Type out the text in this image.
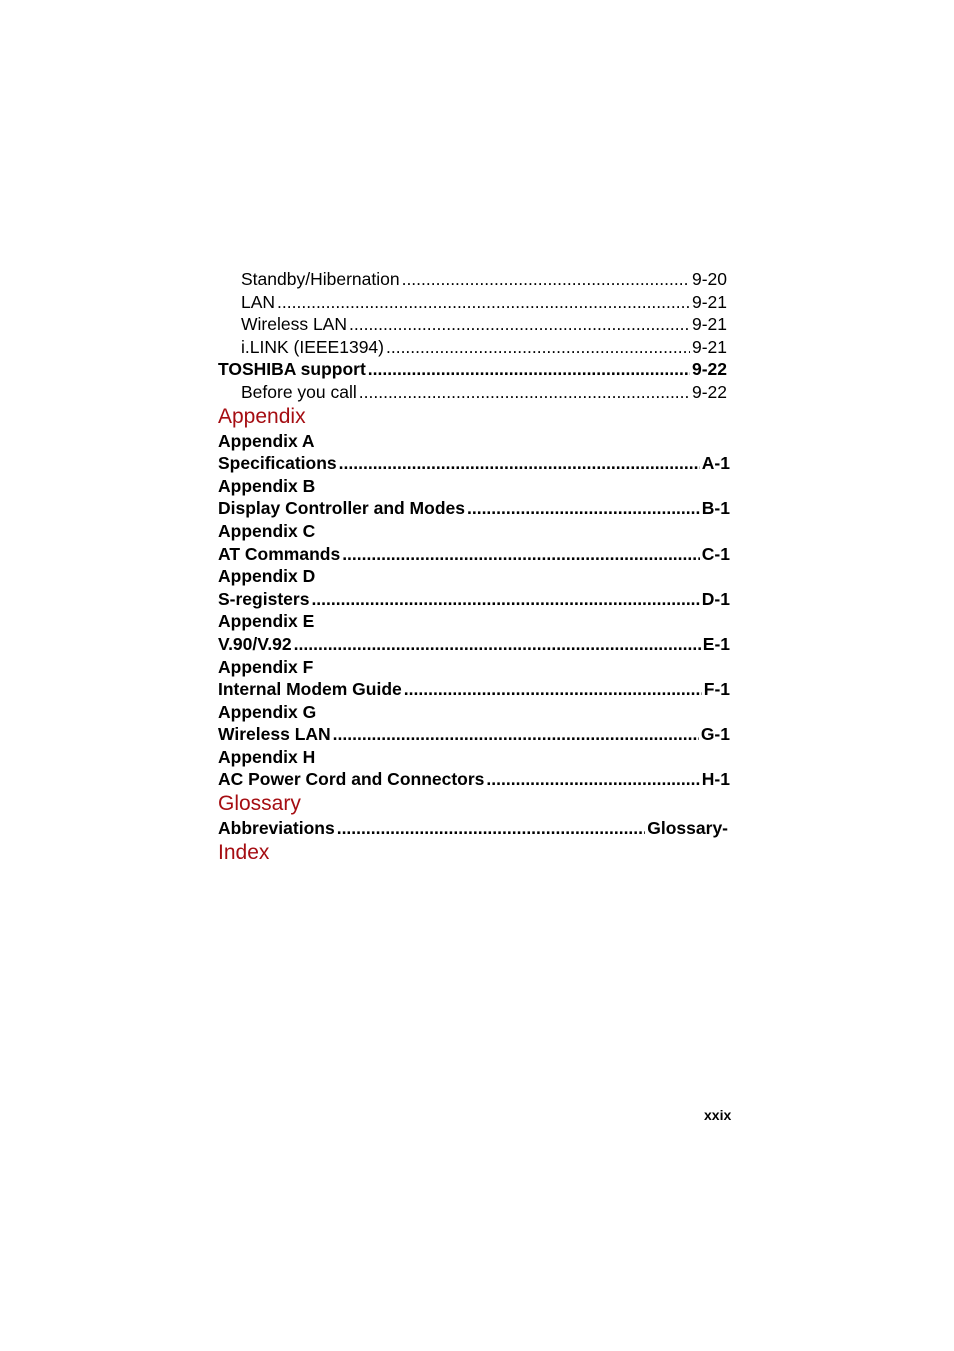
Standby/Hibernation .....	9-20
LAN .....	9-21
Wireless LAN .....	9-21
i.LINK (IEEE1394) .....	9-21
TOSHIBA support .....	9-22
Before you call .....	9-22
Appendix
Appendix A
Specifications .....	A-1
Appendix B
Display Controller and Modes .....	B-1
Appendix C
AT Commands .....	C-1
Appendix D
S-registers .....	D-1
Appendix E
V.90/V.92 .....	E-1
Appendix F
Internal Modem Guide .....	F-1
Appendix G
Wireless LAN .....	G-1
Appendix H
AC Power Cord and Connectors .....	H-1
Glossary
Abbreviations .....	Glossary-
Index
xxix
